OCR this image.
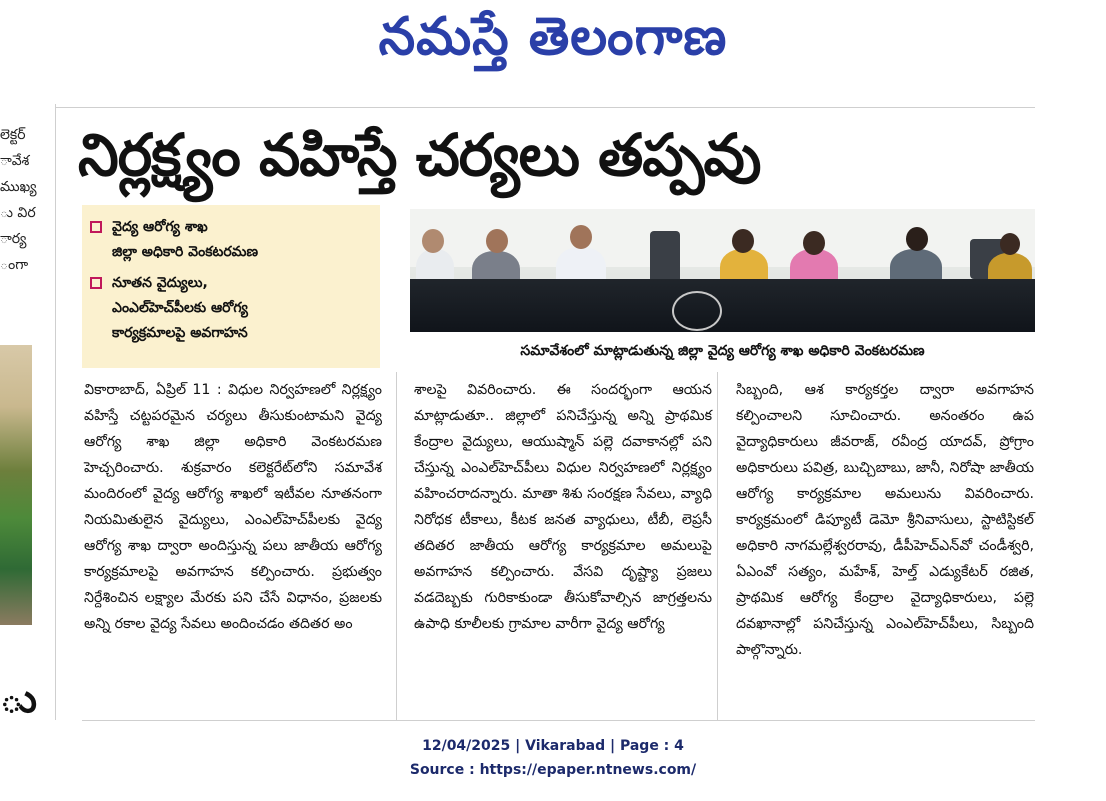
నమస్తే తెలంగాణ
లెక్టర్
ావేశ
ముఖ్య
ు విర
ార్య
ంగా
ు
నిర్లక్ష్యం వహిస్తే చర్యలు తప్పవు
వైద్య ఆరోగ్య శాఖ
జిల్లా అధికారి వెంకటరమణ
నూతన వైద్యులు,
ఎంఎల్‌హెచ్‌పీలకు ఆరోగ్య
కార్యక్రమాలపై అవగాహన
సమావేశంలో మాట్లాడుతున్న జిల్లా వైద్య ఆరోగ్య శాఖ అధికారి వెంకటరమణ

వికారాబాద్, ఏప్రిల్ 11 : విధుల నిర్వహణలో నిర్లక్ష్యం వహిస్తే చట్టపరమైన చర్యలు తీసుకుంటామని వైద్య ఆరోగ్య శాఖ జిల్లా అధికారి వెంకటరమణ హెచ్చరించారు. శుక్రవారం కలెక్టరేట్‌లోని సమావేశ మందిరంలో వైద్య ఆరోగ్య శాఖలో ఇటీవల నూతనంగా నియమితులైన వైద్యులు, ఎంఎల్‌హెచ్‌పీలకు వైద్య ఆరోగ్య శాఖ ద్వారా అందిస్తున్న పలు జాతీయ ఆరోగ్య కార్యక్రమాలపై అవగాహన కల్పించారు. ప్రభుత్వం నిర్దేశించిన లక్ష్యాల మేరకు పని చేసే విధానం, ప్రజలకు అన్ని రకాల వైద్య సేవలు అందించడం తదితర అం

శాలపై వివరించారు. ఈ సందర్భంగా ఆయన మాట్లాడుతూ.. జిల్లాలో పనిచేస్తున్న అన్ని ప్రాథమిక కేంద్రాల వైద్యులు, ఆయుష్మాన్ పల్లె దవాకానల్లో పని చేస్తున్న ఎంఎల్‌హెచ్‌పీలు విధుల నిర్వహణలో నిర్లక్ష్యం వహించరాదన్నారు. మాతా శిశు సంరక్షణ సేవలు, వ్యాధి నిరోధక టీకాలు, కీటక జనత వ్యాధులు, టీబీ, లెప్రసీ తదితర జాతీయ ఆరోగ్య కార్యక్రమాల అమలుపై అవగాహన కల్పించారు. వేసవి దృష్ట్యా ప్రజలు వడదెబ్బకు గురికాకుండా తీసుకోవాల్సిన జాగ్రత్తలను ఉపాధి కూలీలకు గ్రామాల వారీగా వైద్య ఆరోగ్య

సిబ్బంది, ఆశ కార్యకర్తల ద్వారా అవగాహన కల్పించాలని సూచించారు. అనంతరం ఉప వైద్యాధికారులు జీవరాజ్, రవీంద్ర యాదవ్, ప్రోగ్రాం అధికారులు పవిత్ర, బుచ్చిబాబు, జానీ, నిరోషా జాతీయ ఆరోగ్య కార్యక్రమాల అమలును వివరించారు. కార్యక్రమంలో డిప్యూటీ డెమో శ్రీనివాసులు, స్టాటిస్టికల్ అధికారి నాగమల్లేశ్వరరావు, డీపీహెచ్ఎన్‌వో చండీశ్వరి, ఏఎంవో సత్యం, మహేశ్, హెల్త్ ఎడ్యుకేటర్ రజిత, ప్రాథమిక ఆరోగ్య కేంద్రాల వైద్యాధికారులు, పల్లె దవఖానాల్లో పనిచేస్తున్న ఎంఎల్‌హెచ్‌పీలు, సిబ్బంది పాల్గొన్నారు.

12/04/2025 | Vikarabad | Page : 4
Source : https://epaper.ntnews.com/
